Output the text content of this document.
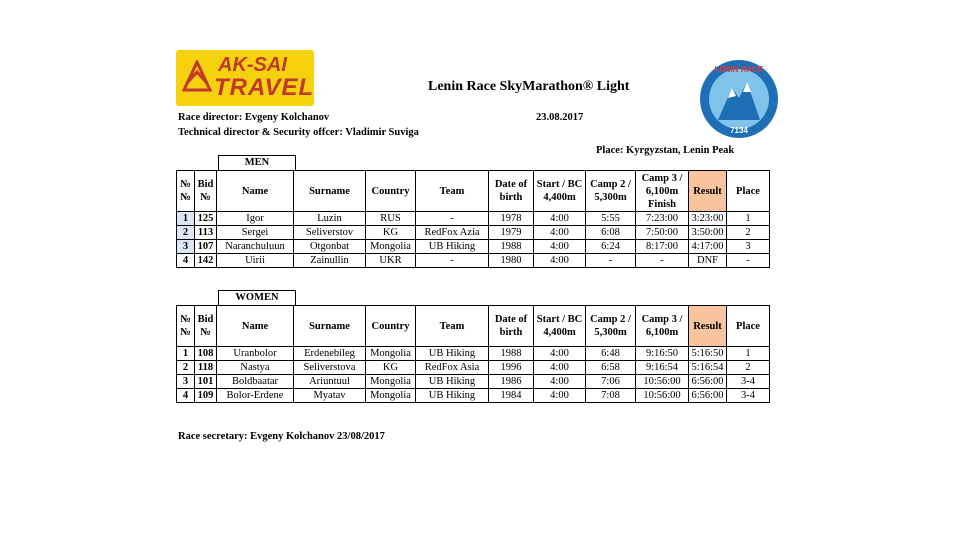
AK-SAI
TRAVEL	Lenin Race SkyMarathon® Light
LENIN RACE
7134
Race director: Evgeny Kolchanov	23.08.2017
Technical director & Security offcer: Vladimir Suviga
Place: Kyrgyzstan, Lenin Peak
MEN
№ №	Bid №	Name	Surname	Country	Team	Date of birth	Start / BC 4,400m	Camp 2 / 5,300m	Camp 3 / 6,100m Finish	Result	Place
1	125	Igor	Luzin	RUS	-	1978	4:00	5:55	7:23:00	3:23:00	1
2	113	Sergei	Seliverstov	KG	RedFox Azia	1979	4:00	6:08	7:50:00	3:50:00	2
3	107	Naranchuluun	Otgonbat	Mongolia	UB Hiking	1988	4:00	6:24	8:17:00	4:17:00	3
4	142	Uirii	Zainullin	UKR	-	1980	4:00	-	-	DNF	-
WOMEN
№ №	Bid №	Name	Surname	Country	Team	Date of birth	Start / BC 4,400m	Camp 2 / 5,300m	Camp 3 / 6,100m	Result	Place
1	108	Uranbolor	Erdenebileg	Mongolia	UB Hiking	1988	4:00	6:48	9:16:50	5:16:50	1
2	118	Nastya	Seliverstova	KG	RedFox Asia	1996	4:00	6:58	9:16:54	5:16:54	2
3	101	Boldbaatar	Ariuntuul	Mongolia	UB Hiking	1986	4:00	7:06	10:56:00	6:56:00	3-4
4	109	Bolor-Erdene	Myatav	Mongolia	UB Hiking	1984	4:00	7:08	10:56:00	6:56:00	3-4
Race secretary: Evgeny Kolchanov 23/08/2017
